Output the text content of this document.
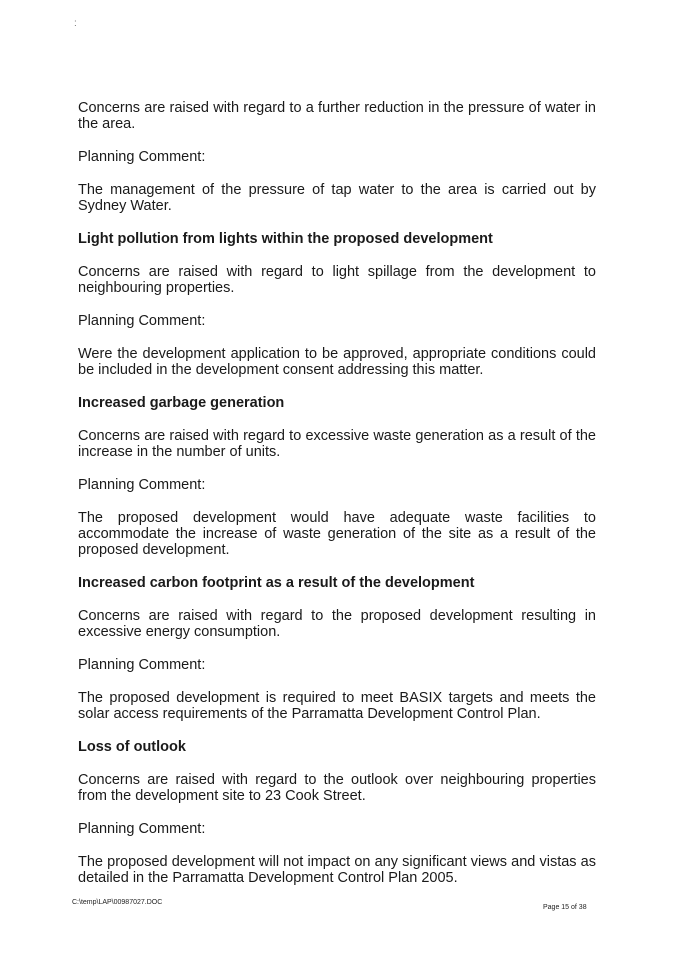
:

Concerns are raised with regard to a further reduction in the pressure of water in the area.

Planning Comment:

The management of the pressure of tap water to the area is carried out by Sydney Water.

Light pollution from lights within the proposed development

Concerns are raised with regard to light spillage from the development to neighbouring properties.

Planning Comment:

Were the development application to be approved, appropriate conditions could be included in the development consent addressing this matter.

Increased garbage generation

Concerns are raised with regard to excessive waste generation as a result of the increase in the number of units.

Planning Comment:

The proposed development would have adequate waste facilities to accommodate the increase of waste generation of the site as a result of the proposed development.

Increased carbon footprint as a result of the development

Concerns are raised with regard to the proposed development resulting in excessive energy consumption.

Planning Comment:

The proposed development is required to meet BASIX targets and meets the solar access requirements of the Parramatta Development Control Plan.

Loss of outlook

Concerns are raised with regard to the outlook over neighbouring properties from the development site to 23 Cook Street.

Planning Comment:

The proposed development will not impact on any significant views and vistas as detailed in the Parramatta Development Control Plan 2005.

C:\temp\LAP\00987027.DOC
Page 15 of 38
